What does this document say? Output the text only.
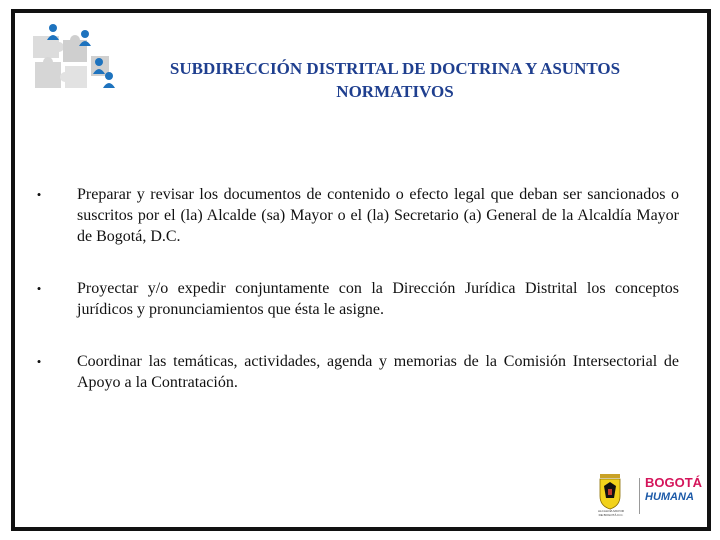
SUBDIRECCIÓN DISTRITAL DE DOCTRINA Y ASUNTOS
NORMATIVOS
•	Preparar y revisar los documentos de contenido o efecto legal que deban ser sancionados o suscritos por el (la) Alcalde (sa) Mayor o el (la) Secretario (a) General de la Alcaldía Mayor de Bogotá, D.C.
•	Proyectar y/o expedir conjuntamente con la Dirección Jurídica Distrital los conceptos jurídicos y pronunciamientos que ésta le asigne.
•	Coordinar las temáticas, actividades, agenda y memorias de la Comisión Intersectorial de Apoyo a la Contratación.
ALCALDÍA MAYOR
DE BOGOTÁ D.C.
BOGOTÁ
HUMANA
